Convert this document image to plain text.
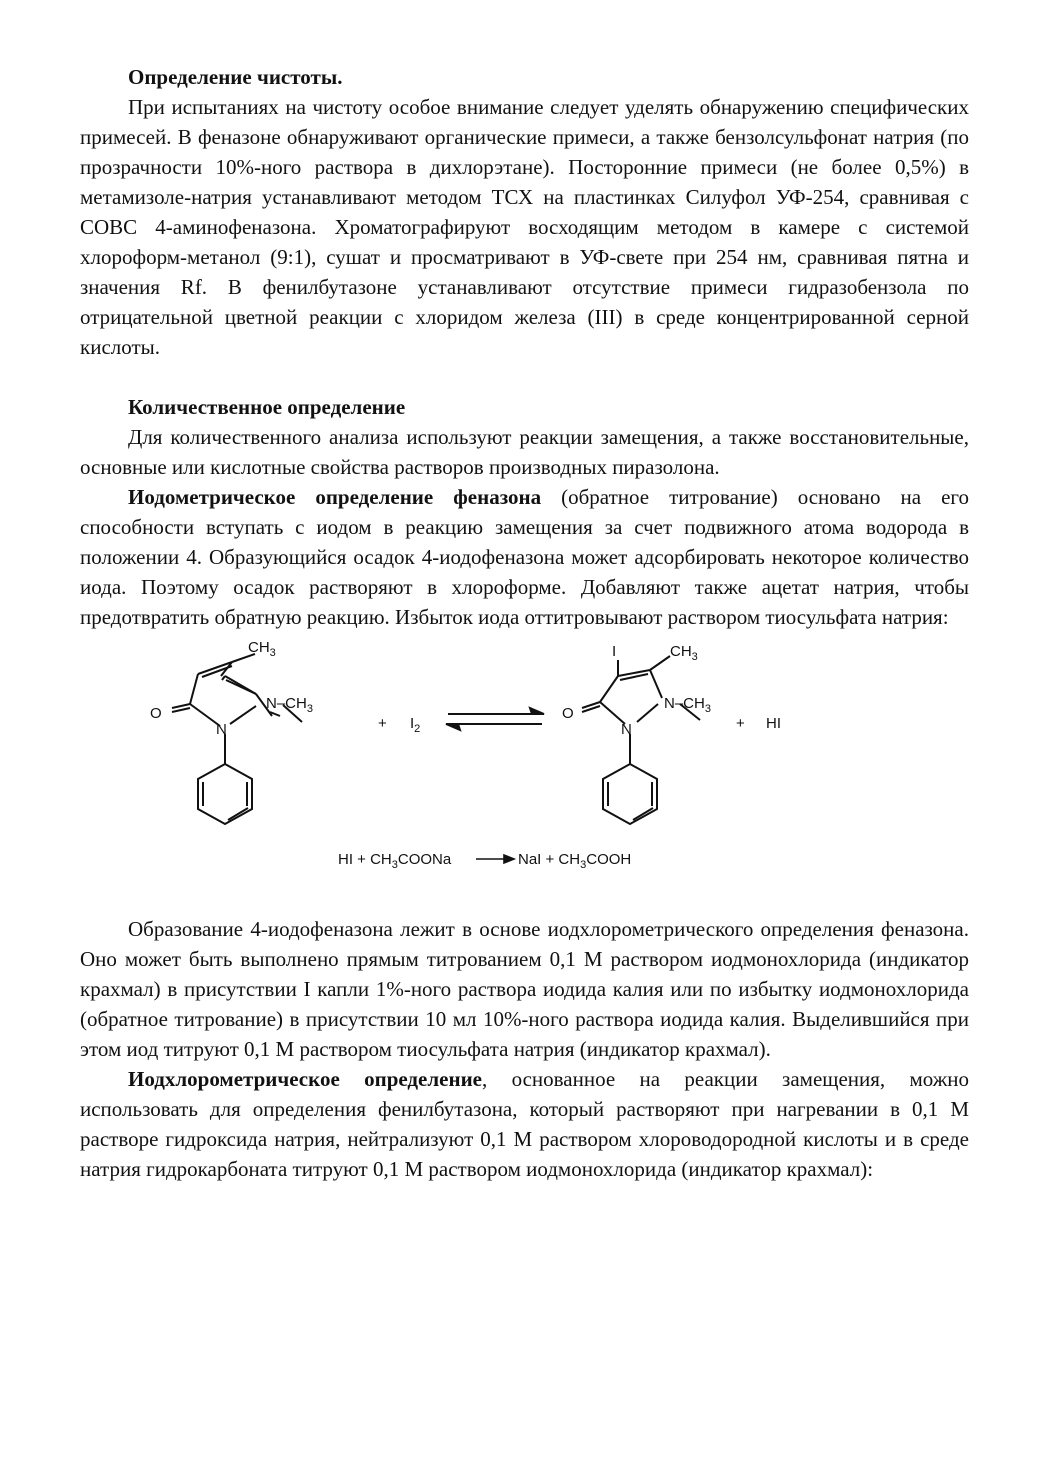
Определение чистоты.

При испытаниях на чистоту особое внимание следует уделять обнаружению специфических примесей. В феназоне обнаруживают органические примеси, а также бензолсульфонат натрия (по прозрачности 10%-ного раствора в дихлорэтане). Посторонние примеси (не более 0,5%) в метамизоле-натрия устанавливают методом ТСХ на пластинках Силуфол УФ-254, сравнивая с СОВС 4-аминофеназона. Хроматографируют восходящим методом в камере с системой хлороформ-метанол (9:1), сушат и просматривают в УФ-свете при 254 нм, сравнивая пятна и значения Rf. В фенилбутазоне устанавливают отсутствие примеси гидразобензола по отрицательной цветной реакции с хлоридом железа (III) в среде концентрированной серной кислоты.

Количественное определение

Для количественного анализа используют реакции замещения, а также восстановительные, основные или кислотные свойства растворов производных пиразолона.

Иодометрическое определение феназона (обратное титрование) основано на его способности вступать с иодом в реакцию замещения за счет подвижного атома водорода в положении 4. Образующийся осадок 4-иодофеназона может адсорбировать некоторое количество иода. Поэтому осадок растворяют в хлороформе. Добавляют также ацетат натрия, чтобы предотвратить обратную реакцию. Избыток иода оттитровывают раствором тиосульфата натрия:

$CH_3$
O
$N-CH_3$
N	+ $I_2$
I	$CH_3$
O
$N-CH_3$
N	+ HI
HI + $CH_3COONa$	NaI + $CH_3COOH$

Образование 4-иодофеназона лежит в основе иодхлорометрического определения феназона. Оно может быть выполнено прямым титрованием 0,1 М раствором иодмонохлорида (индикатор крахмал) в присутствии I капли 1%-ного раствора иодида калия или по избытку иодмонохлорида (обратное титрование) в присутствии 10 мл 10%-ного раствора иодида калия. Выделившийся при этом иод титруют 0,1 М раствором тиосульфата натрия (индикатор крахмал).

Иодхлорометрическое определение, основанное на реакции замещения, можно использовать для определения фенилбутазона, который растворяют при нагревании в 0,1 М растворе гидроксида натрия, нейтрализуют 0,1 М раствором хлороводородной кислоты и в среде натрия гидрокарбоната титруют 0,1 М раствором иодмонохлорида (индикатор крахмал):
